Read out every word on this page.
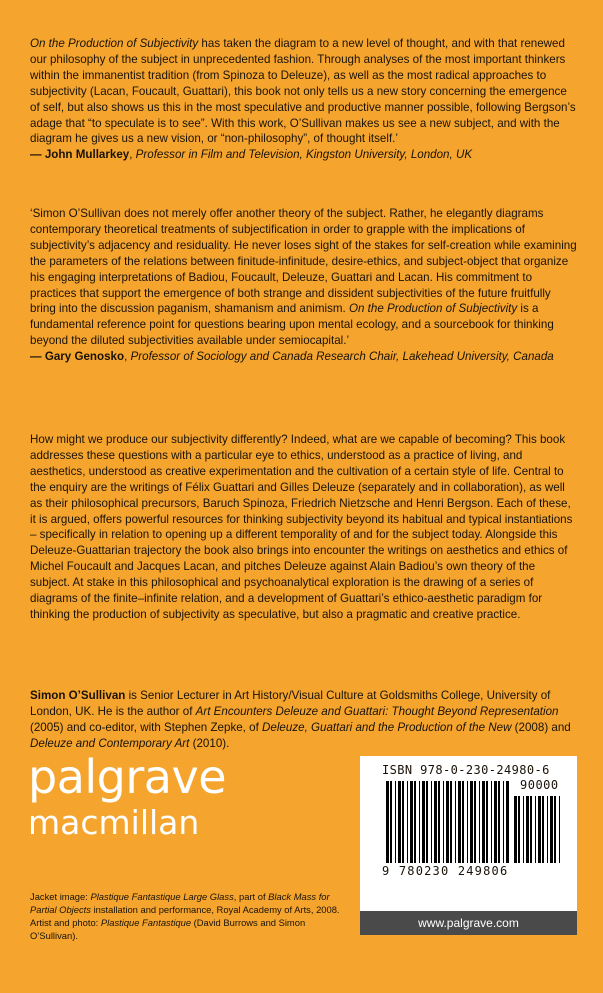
On the Production of Subjectivity has taken the diagram to a new level of thought, and with that renewed our philosophy of the subject in unprecedented fashion. Through analyses of the most important thinkers within the immanentist tradition (from Spinoza to Deleuze), as well as the most radical approaches to subjectivity (Lacan, Foucault, Guattari), this book not only tells us a new story concerning the emergence of self, but also shows us this in the most speculative and productive manner possible, following Bergson’s adage that “to speculate is to see”. With this work, O’Sullivan makes us see a new subject, and with the diagram he gives us a new vision, or “non-philosophy”, of thought itself.’
— John Mullarkey, Professor in Film and Television, Kingston University, London, UK

‘Simon O’Sullivan does not merely offer another theory of the subject. Rather, he elegantly diagrams contemporary theoretical treatments of subjectification in order to grapple with the implications of subjectivity’s adjacency and residuality. He never loses sight of the stakes for self-creation while examining the parameters of the relations between finitude-infinitude, desire-ethics, and subject-object that organize his engaging interpretations of Badiou, Foucault, Deleuze, Guattari and Lacan. His commitment to practices that support the emergence of both strange and dissident subjectivities of the future fruitfully bring into the discussion paganism, shamanism and animism. On the Production of Subjectivity is a fundamental reference point for questions bearing upon mental ecology, and a sourcebook for thinking beyond the diluted subjectivities available under semiocapital.’
— Gary Genosko, Professor of Sociology and Canada Research Chair, Lakehead University, Canada

How might we produce our subjectivity differently? Indeed, what are we capable of becoming? This book addresses these questions with a particular eye to ethics, understood as a practice of living, and aesthetics, understood as creative experimentation and the cultivation of a certain style of life. Central to the enquiry are the writings of Félix Guattari and Gilles Deleuze (separately and in collaboration), as well as their philosophical precursors, Baruch Spinoza, Friedrich Nietzsche and Henri Bergson. Each of these, it is argued, offers powerful resources for thinking subjectivity beyond its habitual and typical instantiations – specifically in relation to opening up a different temporality of and for the subject today. Alongside this Deleuze-Guattarian trajectory the book also brings into encounter the writings on aesthetics and ethics of Michel Foucault and Jacques Lacan, and pitches Deleuze against Alain Badiou’s own theory of the subject. At stake in this philosophical and psychoanalytical exploration is the drawing of a series of diagrams of the finite–infinite relation, and a development of Guattari’s ethico-aesthetic paradigm for thinking the production of subjectivity as speculative, but also a pragmatic and creative practice.

Simon O’Sullivan is Senior Lecturer in Art History/Visual Culture at Goldsmiths College, University of London, UK. He is the author of Art Encounters Deleuze and Guattari: Thought Beyond Representation (2005) and co-editor, with Stephen Zepke, of Deleuze, Guattari and the Production of the New (2008) and Deleuze and Contemporary Art (2010).

palgrave
macmillan

Jacket image: Plastique Fantastique Large Glass, part of Black Mass for Partial Objects installation and performance, Royal Academy of Arts, 2008. Artist and photo: Plastique Fantastique (David Burrows and Simon O’Sullivan).

ISBN 978-0-230-24980-6
90000
9 780230 249806
www.palgrave.com
